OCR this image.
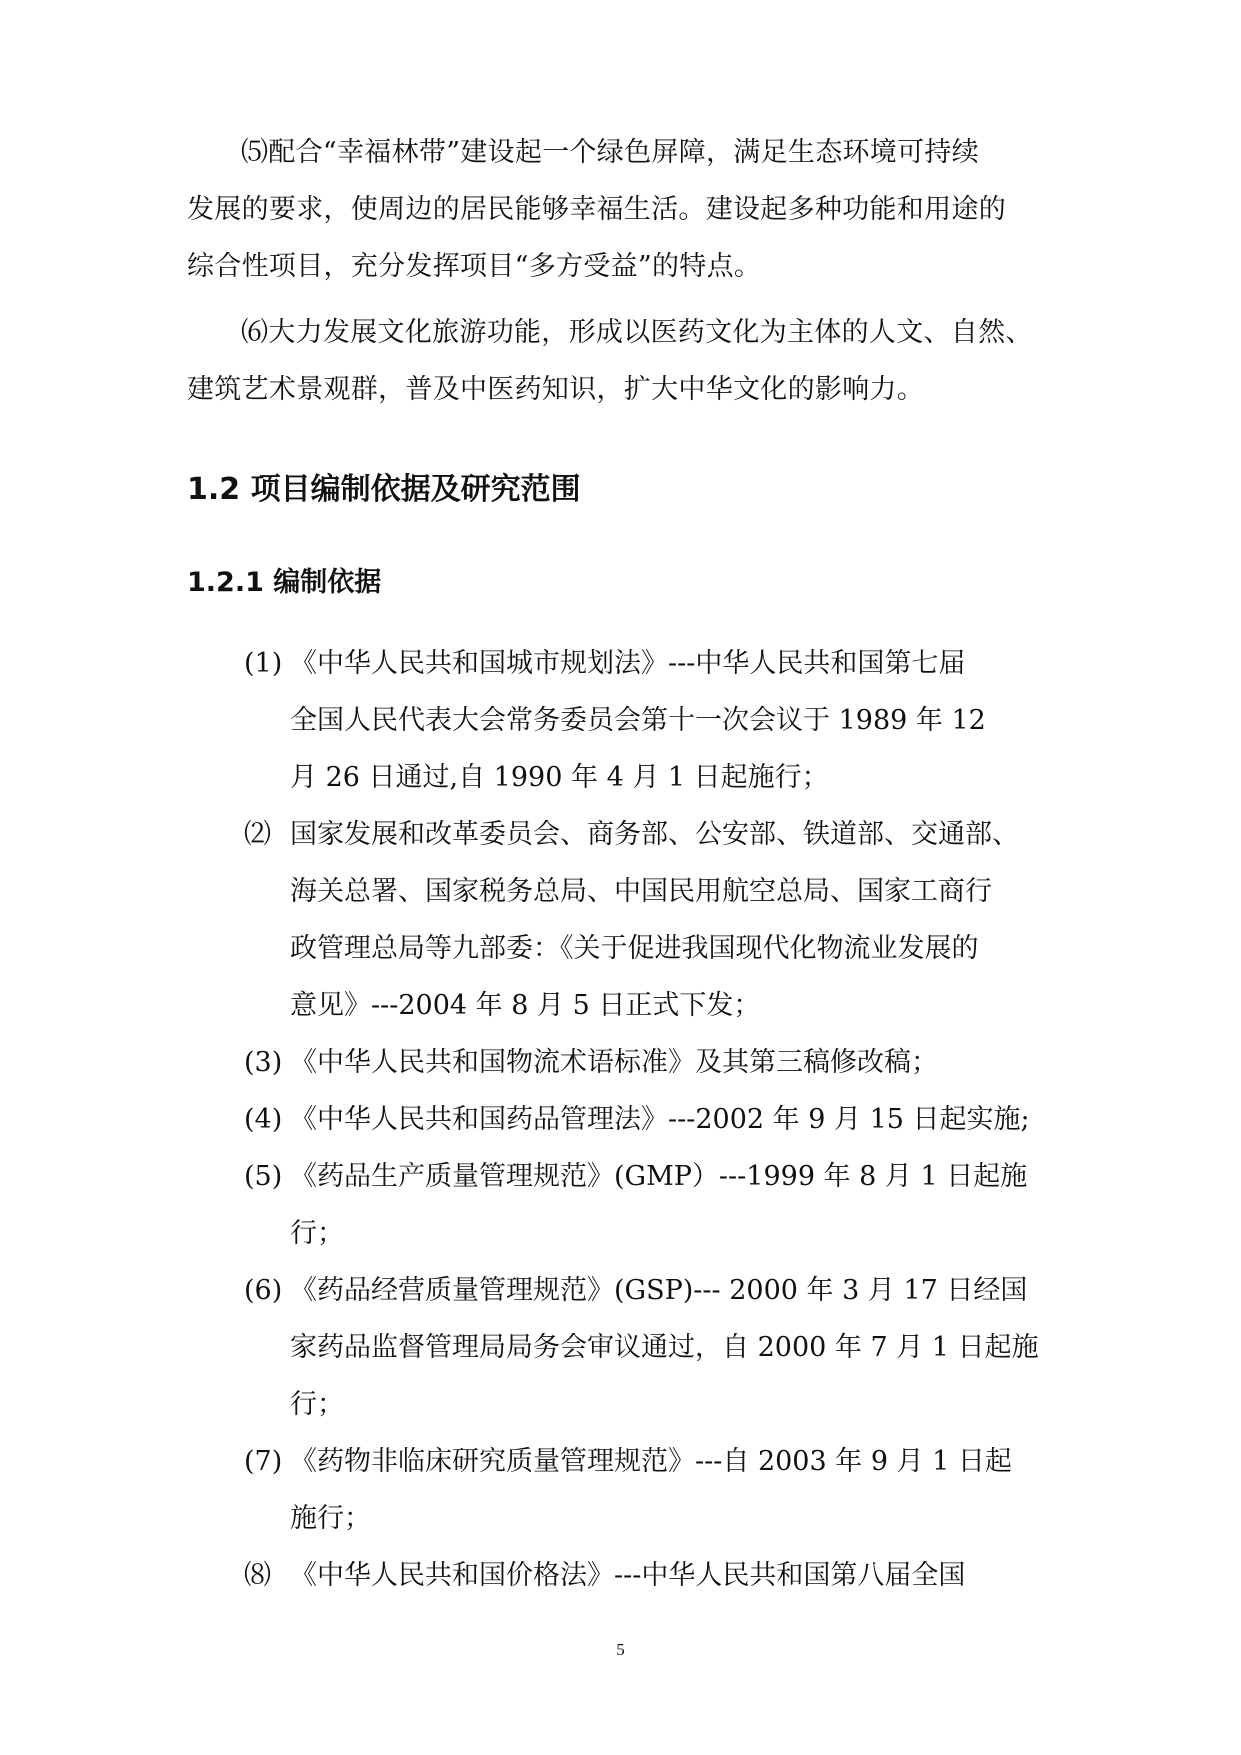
⑸配合“幸福林带”建设起一个绿色屏障，满足生态环境可持续
发展的要求，使周边的居民能够幸福生活。建设起多种功能和用途的
综合性项目，充分发挥项目“多方受益”的特点。
⑹大力发展文化旅游功能，形成以医药文化为主体的人文、自然、
建筑艺术景观群，普及中医药知识，扩大中华文化的影响力。
1.2 项目编制依据及研究范围
1.2.1 编制依据
(1) 《中华人民共和国城市规划法》---中华人民共和国第七届
全国人民代表大会常务委员会第十一次会议于 1989 年 12
月 26 日通过,自 1990 年 4 月 1 日起施行；
⑵ 国家发展和改革委员会、商务部、公安部、铁道部、交通部、
海关总署、国家税务总局、中国民用航空总局、国家工商行
政管理总局等九部委：《关于促进我国现代化物流业发展的
意见》---2004 年 8 月 5 日正式下发；
(3) 《中华人民共和国物流术语标准》及其第三稿修改稿；
(4) 《中华人民共和国药品管理法》---2002 年 9 月 15 日起实施;
(5) 《药品生产质量管理规范》(GMP）---1999 年 8 月 1 日起施
行；
(6) 《药品经营质量管理规范》(GSP)--- 2000 年 3 月 17 日经国
家药品监督管理局局务会审议通过，自 2000 年 7 月 1 日起施
行；
(7) 《药物非临床研究质量管理规范》---自 2003 年 9 月 1 日起
施行；
⑻ 《中华人民共和国价格法》---中华人民共和国第八届全国
5
